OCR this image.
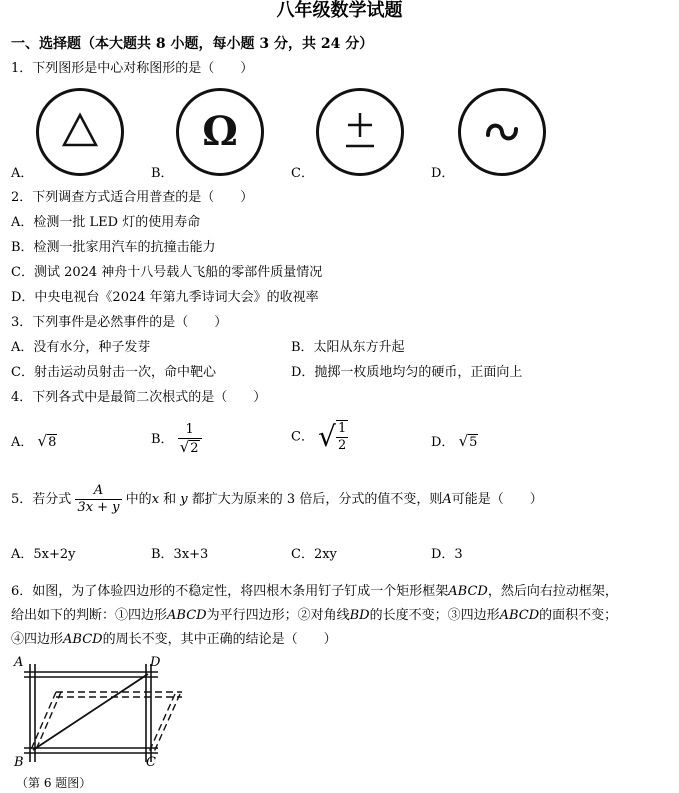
八年级数学试题
一、选择题（本大题共 8 小题，每小题 3 分，共 24 分）
1．下列图形是中心对称图形的是（　　）
Ω
A．	B．	C．	D．
2．下列调查方式适合用普查的是（　　）
A．检测一批 LED 灯的使用寿命
B．检测一批家用汽车的抗撞击能力
C．测试 2024 神舟十八号载人飞船的零部件质量情况
D．中央电视台《2024 年第九季诗词大会》的收视率
3．下列事件是必然事件的是（　　）
A．没有水分，种子发芽	B．太阳从东方升起
C．射击运动员射击一次，命中靶心	D．抛掷一枚质地均匀的硬币，正面向上
4．下列各式中是最简二次根式的是（　　）
A． √8	B． $\frac{1}{√2}$	C． √ $\frac{1}{2}$	D． √5
5．若分式 $\frac{A}{3x + y}$ 中的x 和 y 都扩大为原来的 3 倍后，分式的值不变，则A可能是（　　）
A．5x+2y	B．3x+3	C．2xy	D．3
6．如图，为了体验四边形的不稳定性，将四根木条用钉子钉成一个矩形框架ABCD，然后向右拉动框架，
给出如下的判断：①四边形ABCD为平行四边形；②对角线BD的长度不变；③四边形ABCD的面积不变；
④四边形ABCD的周长不变，其中正确的结论是（　　）
A	D
B	C
（第 6 题图）
